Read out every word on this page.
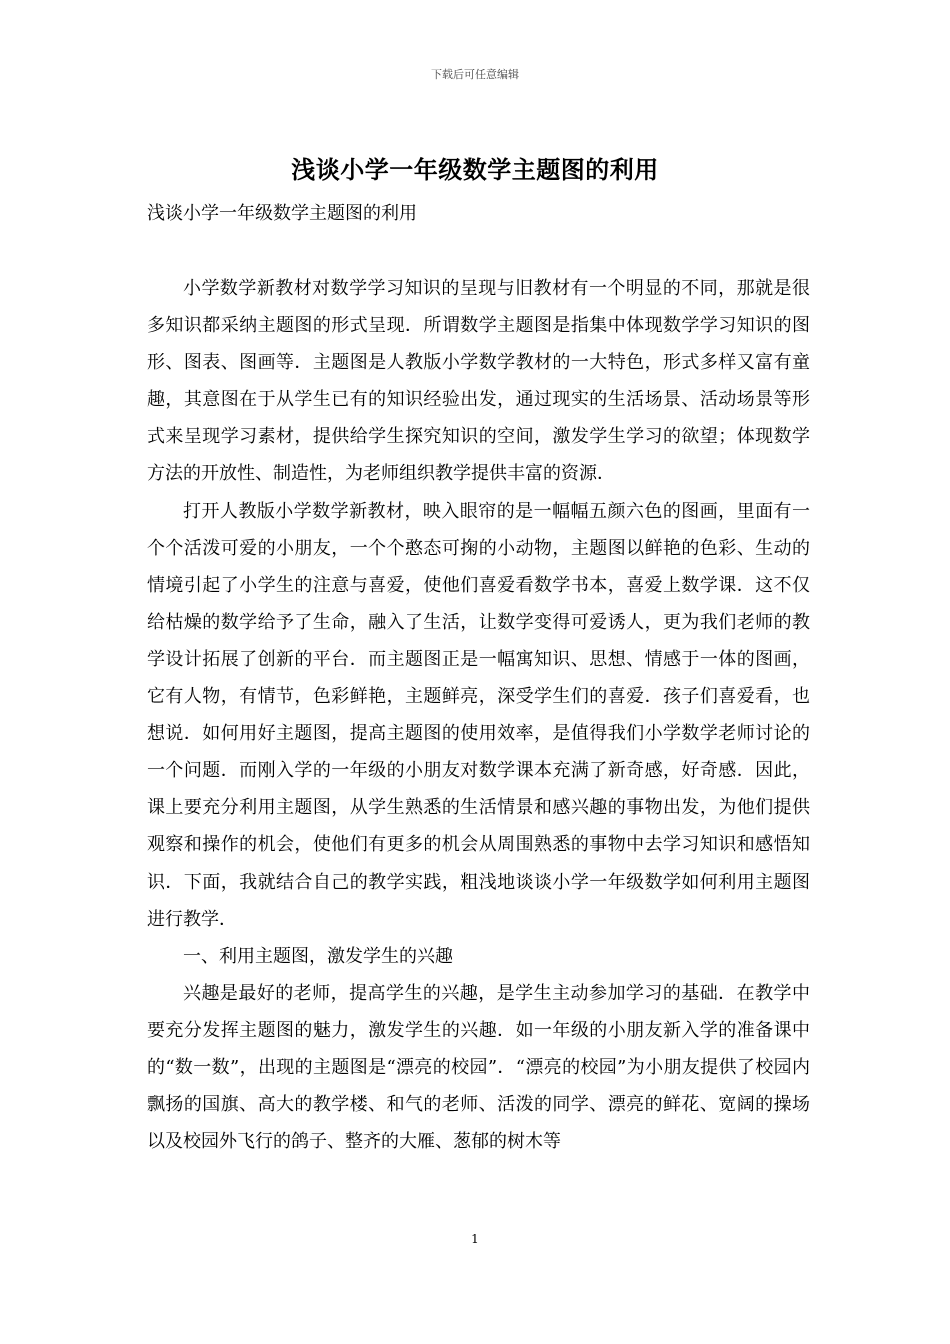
下载后可任意编辑
浅谈小学一年级数学主题图的利用
浅谈小学一年级数学主题图的利用

小学数学新教材对数学学习知识的呈现与旧教材有一个明显的不同，那就是很多知识都采纳主题图的形式呈现．所谓数学主题图是指集中体现数学学习知识的图形、图表、图画等．主题图是人教版小学数学教材的一大特色，形式多样又富有童趣，其意图在于从学生已有的知识经验出发，通过现实的生活场景、活动场景等形式来呈现学习素材，提供给学生探究知识的空间，激发学生学习的欲望；体现数学方法的开放性、制造性，为老师组织教学提供丰富的资源．

打开人教版小学数学新教材，映入眼帘的是一幅幅五颜六色的图画，里面有一个个活泼可爱的小朋友，一个个憨态可掬的小动物，主题图以鲜艳的色彩、生动的情境引起了小学生的注意与喜爱，使他们喜爱看数学书本，喜爱上数学课．这不仅给枯燥的数学给予了生命，融入了生活，让数学变得可爱诱人，更为我们老师的教学设计拓展了创新的平台．而主题图正是一幅寓知识、思想、情感于一体的图画，它有人物，有情节，色彩鲜艳，主题鲜亮，深受学生们的喜爱．孩子们喜爱看，也想说．如何用好主题图，提高主题图的使用效率，是值得我们小学数学老师讨论的一个问题．而刚入学的一年级的小朋友对数学课本充满了新奇感，好奇感．因此，课上要充分利用主题图，从学生熟悉的生活情景和感兴趣的事物出发，为他们提供观察和操作的机会，使他们有更多的机会从周围熟悉的事物中去学习知识和感悟知识．下面，我就结合自己的教学实践，粗浅地谈谈小学一年级数学如何利用主题图进行教学．

一、利用主题图，激发学生的兴趣

兴趣是最好的老师，提高学生的兴趣，是学生主动参加学习的基础．在教学中要充分发挥主题图的魅力，激发学生的兴趣．如一年级的小朋友新入学的准备课中的“数一数”，出现的主题图是“漂亮的校园”．“漂亮的校园”为小朋友提供了校园内飘扬的国旗、高大的教学楼、和气的老师、活泼的同学、漂亮的鲜花、宽阔的操场以及校园外飞行的鸽子、整齐的大雁、葱郁的树木等

1
